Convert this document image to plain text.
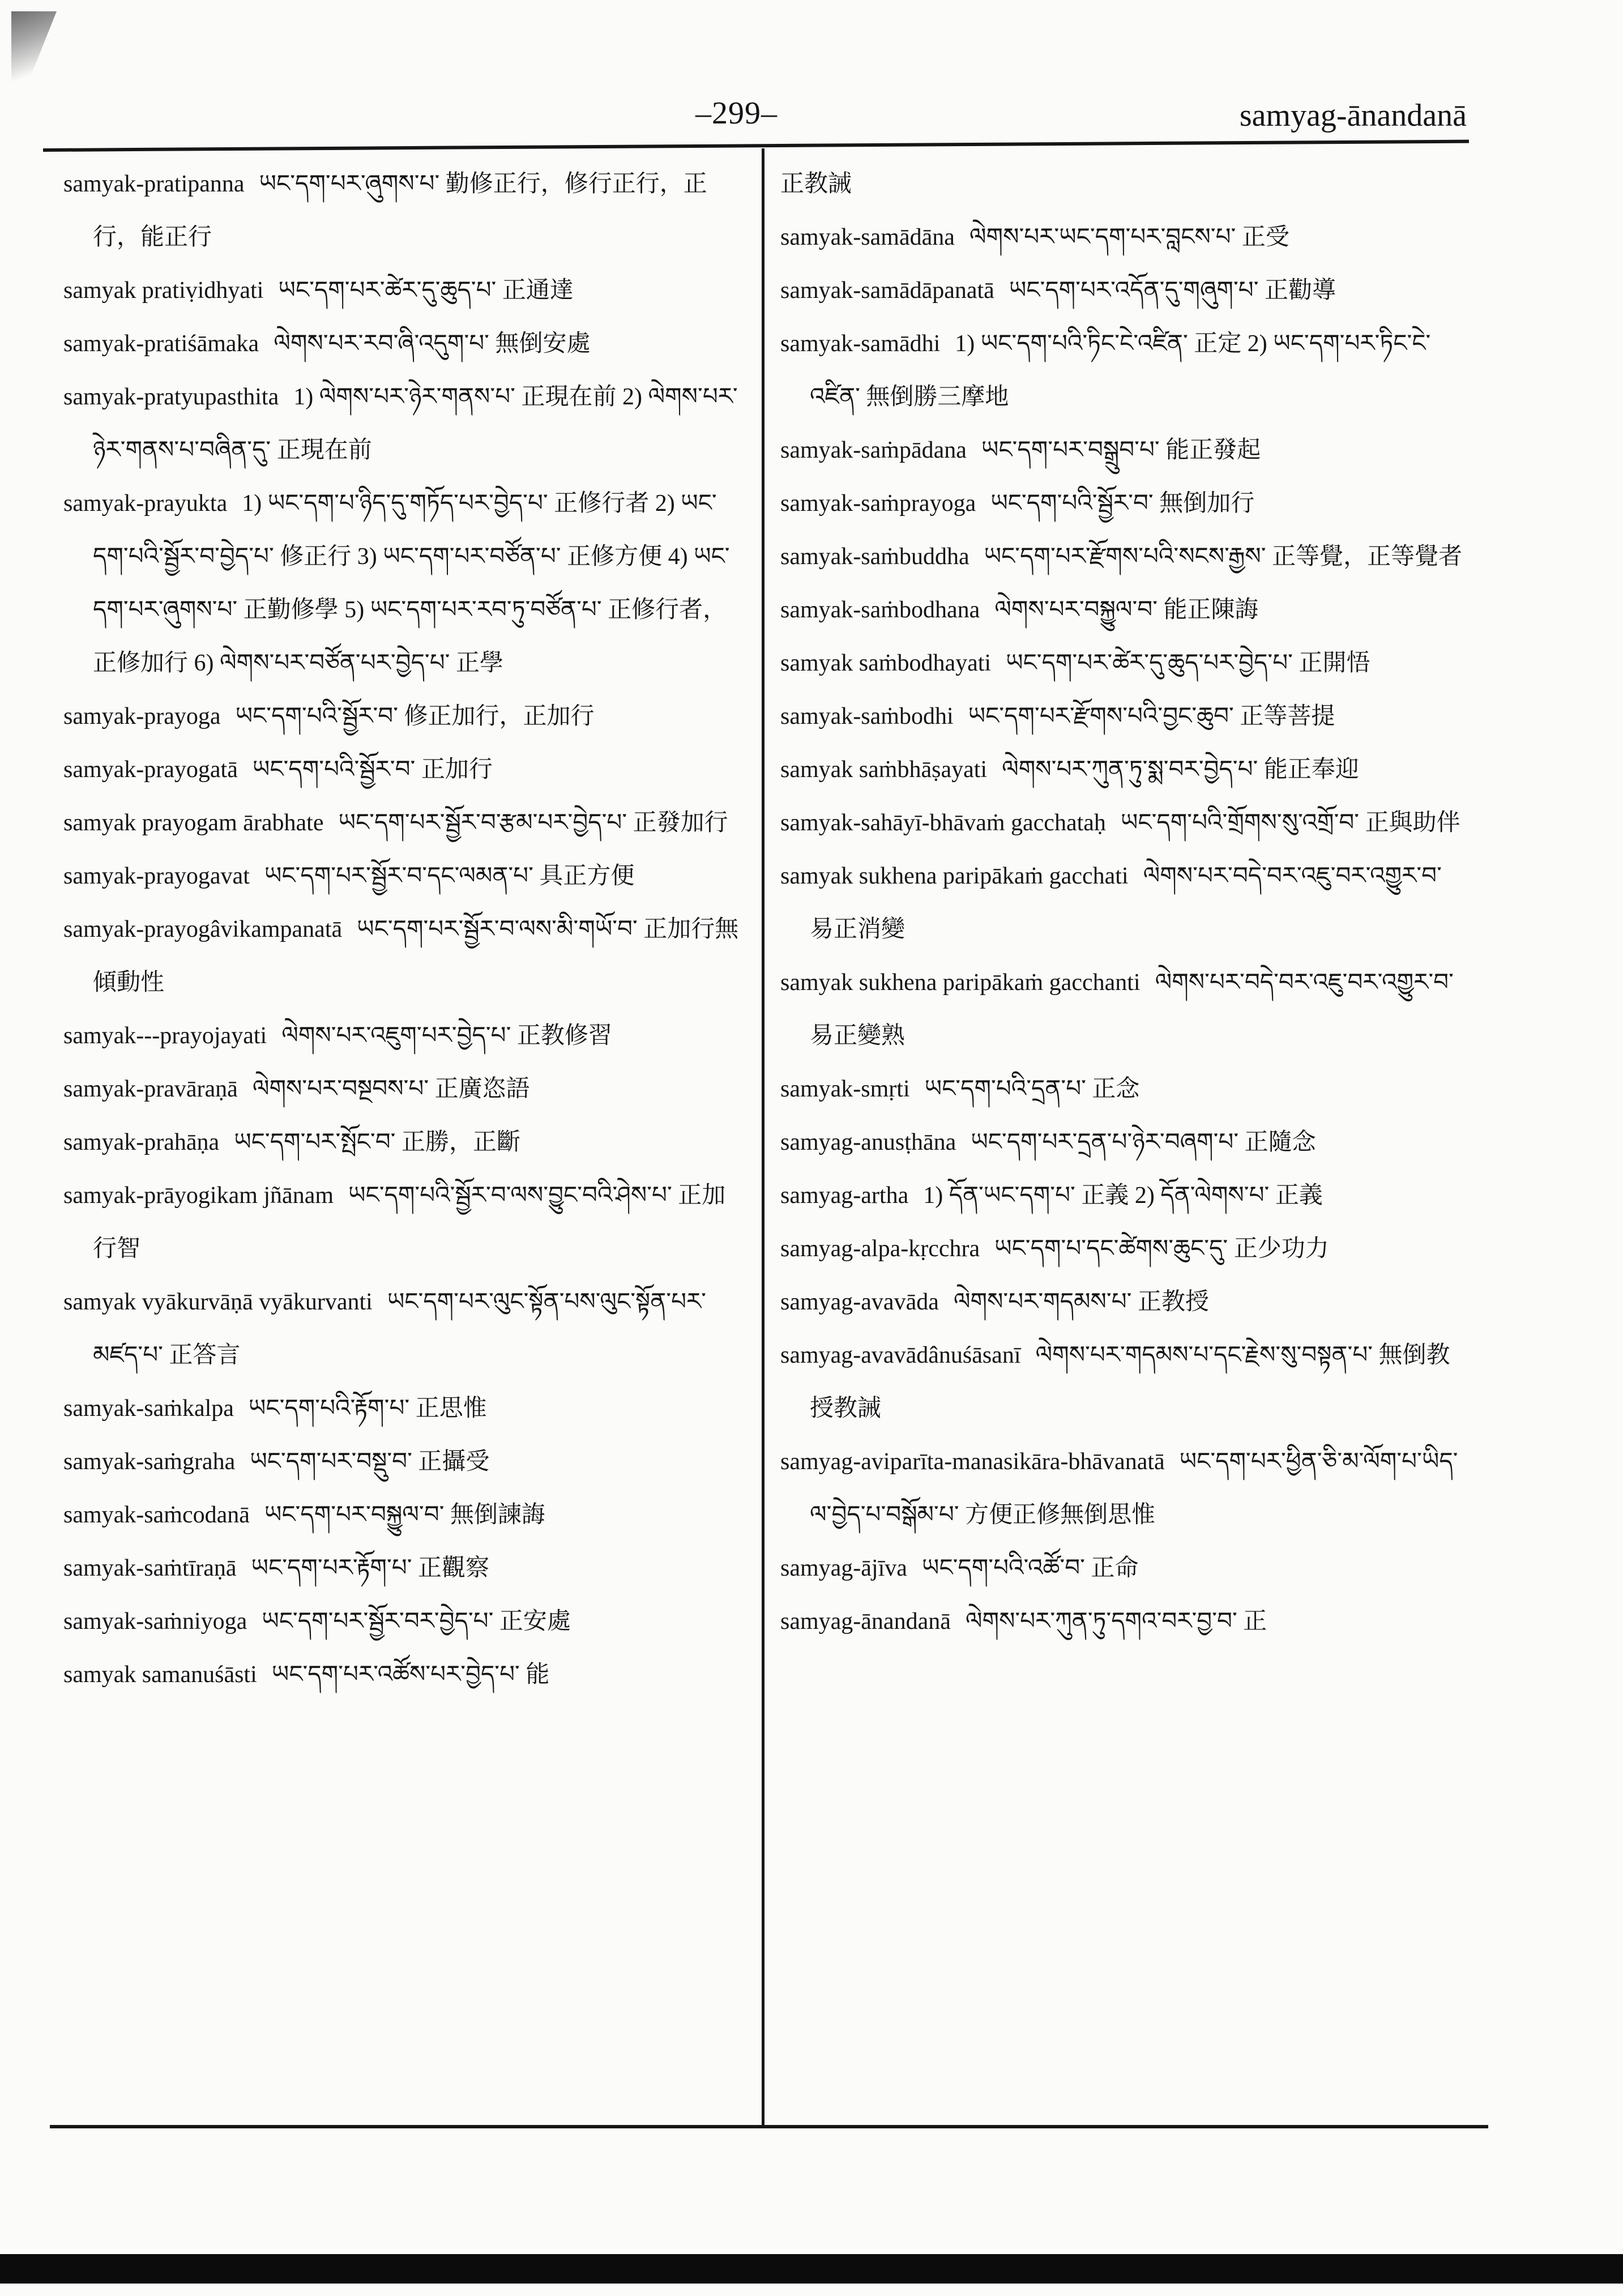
–299–	samyag-ānandanā
samyak-pratipanna ཡང་དག་པར་ཞུགས་པ་ 勤修正行，修行正行，正行，能正行
samyak pratiṿidhyati ཡང་དག་པར་ཚེར་དུ་ཆུད་པ་ 正通達
samyak-pratiśāmaka ལེགས་པར་རབ་ཞི་འདུག་པ་ 無倒安處
samyak-pratyupasthita 1) ལེགས་པར་ཉེར་གནས་པ་ 正現在前 2) ལེགས་པར་ཉེར་གནས་པ་བཞིན་དུ་ 正現在前
samyak-prayukta 1) ཡང་དག་པ་ཉིད་དུ་གཏོད་པར་བྱེད་པ་ 正修行者 2) ཡང་དག་པའི་སྦྱོར་བ་བྱེད་པ་ 修正行 3) ཡང་དག་པར་བཙོན་པ་ 正修方便 4) ཡང་དག་པར་ཞུགས་པ་ 正勤修學 5) ཡང་དག་པར་རབ་ཏུ་བཙོན་པ་ 正修行者，正修加行 6) ལེགས་པར་བཙོན་པར་བྱེད་པ་ 正學
samyak-prayoga ཡང་དག་པའི་སྦྱོར་བ་ 修正加行，正加行
samyak-prayogatā ཡང་དག་པའི་སྦྱོར་བ་ 正加行
samyak prayogam ārabhate ཡང་དག་པར་སྦྱོར་བ་རྩམ་པར་བྱེད་པ་ 正發加行
samyak-prayogavat ཡང་དག་པར་སྦྱོར་བ་དང་ལམན་པ་ 具正方便
samyak-prayogâvikampanatā ཡང་དག་པར་སྦྱོར་བ་ལས་མི་གཡོ་བ་ 正加行無傾動性
samyak---prayojayati ལེགས་པར་འཇུག་པར་བྱེད་པ་ 正教修習
samyak-pravāraṇā ལེགས་པར་བསྔབས་པ་ 正廣恣語
samyak-prahāṇa ཡང་དག་པར་སྤོང་བ་ 正勝，正斷
samyak-prāyogikam jñānam ཡང་དག་པའི་སྦྱོར་བ་ལས་བྱུང་བའི་ཤེས་པ་ 正加行智
samyak vyākurvāṇā vyākurvanti ཡང་དག་པར་ལུང་སྟོན་པས་ལུང་སྟོན་པར་མཛད་པ་ 正答言
samyak-saṁkalpa ཡང་དག་པའི་རྟོག་པ་ 正思惟
samyak-saṁgraha ཡང་དག་པར་བསྡུ་བ་ 正攝受
samyak-saṁcodanā ཡང་དག་པར་བསྐྱུལ་བ་ 無倒諫誨
samyak-saṁtīraṇā ཡང་དག་པར་རྟོག་པ་ 正觀察
samyak-saṁniyoga ཡང་དག་པར་སྦྱོར་བར་བྱེད་པ་ 正安處
samyak samanuśāsti ཡང་དག་པར་འཚོས་པར་བྱེད་པ་ 能
正教誡
samyak-samādāna ལེགས་པར་ཡང་དག་པར་བླངས་པ་ 正受
samyak-samādāpanatā ཡང་དག་པར་འདོན་དུ་གཞུག་པ་ 正勸導
samyak-samādhi 1) ཡང་དག་པའི་ཏིང་ངེ་འཛིན་ 正定 2) ཡང་དག་པར་ཏིང་ངེ་འཛིན་ 無倒勝三摩地
samyak-saṁpādana ཡང་དག་པར་བསྒྲུབ་པ་ 能正發起
samyak-saṁprayoga ཡང་དག་པའི་སྦྱོར་བ་ 無倒加行
samyak-saṁbuddha ཡང་དག་པར་རྫོགས་པའི་སངས་རྒྱས་ 正等覺，正等覺者
samyak-saṁbodhana ལེགས་པར་བསྐྱུལ་བ་ 能正陳誨
samyak saṁbodhayati ཡང་དག་པར་ཚེར་དུ་ཆུད་པར་བྱེད་པ་ 正開悟
samyak-saṁbodhi ཡང་དག་པར་རྫོགས་པའི་བྱང་ཆུབ་ 正等菩提
samyak saṁbhāṣayati ལེགས་པར་ཀུན་ཏུ་སྨ་བར་བྱེད་པ་ 能正奉迎
samyak-sahāyī-bhāvaṁ gacchataḥ ཡང་དག་པའི་གྲོགས་སུ་འགྲོ་བ་ 正與助伴
samyak sukhena paripākaṁ gacchati ལེགས་པར་བདེ་བར་འཇུ་བར་འགྱུར་བ་ 易正消變
samyak sukhena paripākaṁ gacchanti ལེགས་པར་བདེ་བར་འཇུ་བར་འགྱུར་བ་ 易正變熟
samyak-smṛti ཡང་དག་པའི་དྲན་པ་ 正念
samyag-anusṭhāna ཡང་དག་པར་དྲན་པ་ཉེར་བཞག་པ་ 正隨念
samyag-artha 1) དོན་ཡང་དག་པ་ 正義 2) དོན་ལེགས་པ་ 正義
samyag-alpa-kṛcchra ཡང་དག་པ་དང་ཚེགས་ཆུང་དུ་ 正少功力
samyag-avavāda ལེགས་པར་གདམས་པ་ 正教授
samyag-avavādânuśāsanī ལེགས་པར་གདམས་པ་དང་རྗེས་སུ་བསྟན་པ་ 無倒教授教誡
samyag-aviparīta-manasikāra-bhāvanatā ཡང་དག་པར་ཕྱིན་ཅི་མ་ལོག་པ་ཡིད་ལ་བྱེད་པ་བསྒོམ་པ་ 方便正修無倒思惟
samyag-ājīva ཡང་དག་པའི་འཚོ་བ་ 正命
samyag-ānandanā ལེགས་པར་ཀུན་ཏུ་དགའ་བར་བྱ་བ་ 正
